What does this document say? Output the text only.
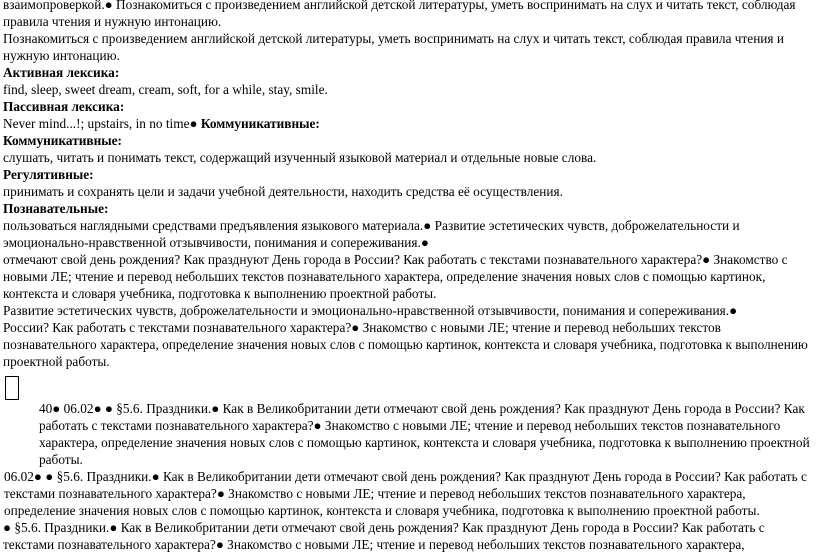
взаимопроверкой.● Познакомиться с произведением английской детской литературы, уметь воспринимать на слух и читать текст, соблюдая правила чтения и нужную интонацию.

Познакомиться с произведением английской детской литературы, уметь воспринимать на слух и читать текст, соблюдая правила чтения и нужную интонацию.

Активная лексика:

find, sleep, sweet dream, cream, soft, for a while, stay, smile.

Пассивная лексика:

Never mind...!; upstairs, in no time● Коммуникативные:

Коммуникативные:

слушать, читать и понимать текст, содержащий изученный языковой материал и отдельные новые слова.

Регулятивные:

принимать и сохранять цели и задачи учебной деятельности, находить средства её осуществления.

Познавательные:

пользоваться наглядными средствами предъявления языкового материала.● Развитие эстетических чувств, доброжелательности и эмоционально-нравственной отзывчивости, понимания и сопереживания.●

отмечают свой день рождения? Как празднуют День города в России? Как работать с текстами познавательного характера?● Знакомство с новыми ЛЕ; чтение и перевод небольших текстов познавательного характера, определение значения новых слов с помощью картинок, контекста и словаря учебника, подготовка к выполнению проектной работы.

Развитие эстетических чувств, доброжелательности и эмоционально-нравственной отзывчивости, понимания и сопереживания.●

России? Как работать с текстами познавательного характера?● Знакомство с новыми ЛЕ; чтение и перевод небольших текстов познавательного характера, определение значения новых слов с помощью картинок, контекста и словаря учебника, подготовка к выполнению проектной работы.

40● 06.02● ● §5.6. Праздники.● Как в Великобритании дети отмечают свой день рождения? Как празднуют День города в России? Как работать с текстами познавательного характера?● Знакомство с новыми ЛЕ; чтение и перевод небольших текстов познавательного характера, определение значения новых слов с помощью картинок, контекста и словаря учебника, подготовка к выполнению проектной работы.

06.02● ● §5.6. Праздники.● Как в Великобритании дети отмечают свой день рождения? Как празднуют День города в России? Как работать с текстами познавательного характера?● Знакомство с новыми ЛЕ; чтение и перевод небольших текстов познавательного характера, определение значения новых слов с помощью картинок, контекста и словаря учебника, подготовка к выполнению проектной работы.

● §5.6. Праздники.● Как в Великобритании дети отмечают свой день рождения? Как празднуют День города в России? Как работать с текстами познавательного характера?● Знакомство с новыми ЛЕ; чтение и перевод небольших текстов познавательного характера,
